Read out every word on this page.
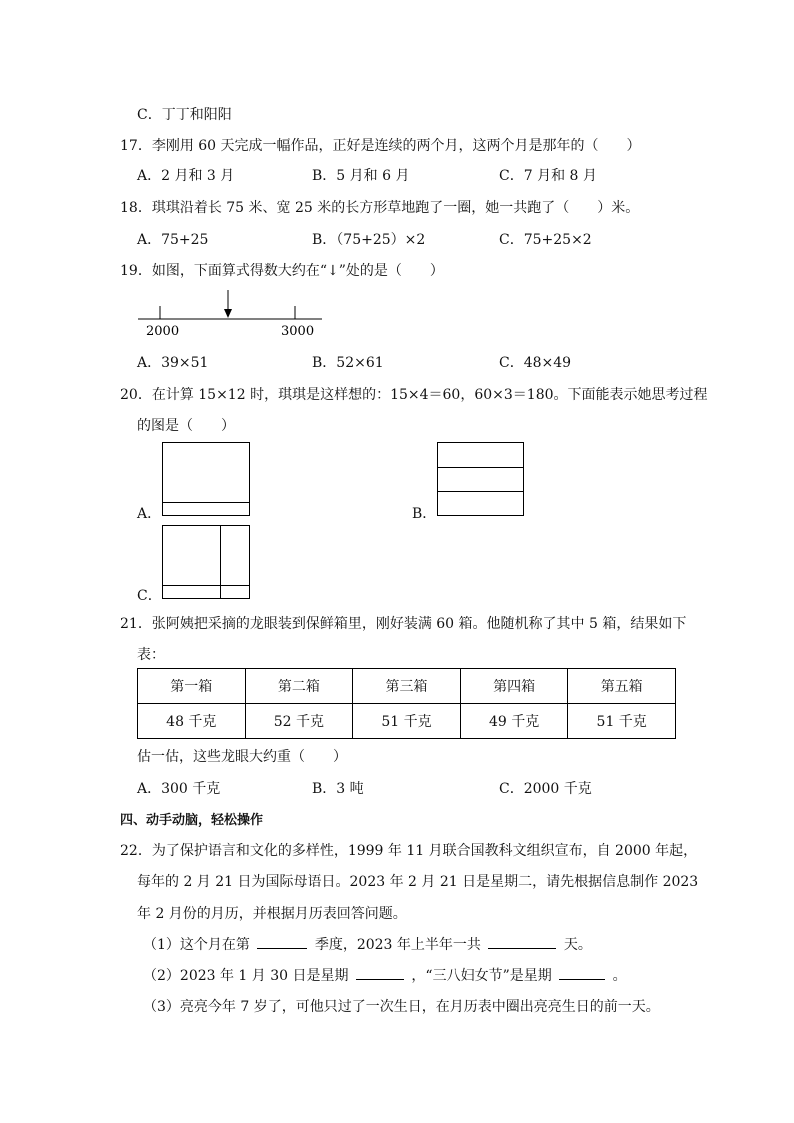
C．丁丁和阳阳
17．李刚用 60 天完成一幅作品，正好是连续的两个月，这两个月是那年的（　　）
A．2 月和 3 月	B．5 月和 6 月	C．7 月和 8 月
18．琪琪沿着长 75 米、宽 25 米的长方形草地跑了一圈，她一共跑了（　　）米。
A．75+25	B．（75+25）×2	C．75+25×2
19．如图，下面算式得数大约在“↓”处的是（　　）
2000	3000
A．39×51	B．52×61	C．48×49
20．在计算 15×12 时，琪琪是这样想的：15×4＝60，60×3＝180。下面能表示她思考过程
的图是（　　）
A．	B．
C．
21．张阿姨把采摘的龙眼装到保鲜箱里，刚好装满 60 箱。他随机称了其中 5 箱，结果如下
表：
第一箱	第二箱	第三箱	第四箱	第五箱
48 千克	52 千克	51 千克	49 千克	51 千克
估一估，这些龙眼大约重（　　）
A．300 千克	B．3 吨	C．2000 千克
四、动手动脑，轻松操作
22．为了保护语言和文化的多样性，1999 年 11 月联合国教科文组织宣布，自 2000 年起，
每年的 2 月 21 日为国际母语日。2023 年 2 月 21 日是星期二，请先根据信息制作 2023
年 2 月份的月历，并根据月历表回答问题。
（1）这个月在第	季度，2023 年上半年一共	天。
（2）2023 年 1 月 30 日是星期	，“三八妇女节”是星期	。
（3）亮亮今年 7 岁了，可他只过了一次生日，在月历表中圈出亮亮生日的前一天。
